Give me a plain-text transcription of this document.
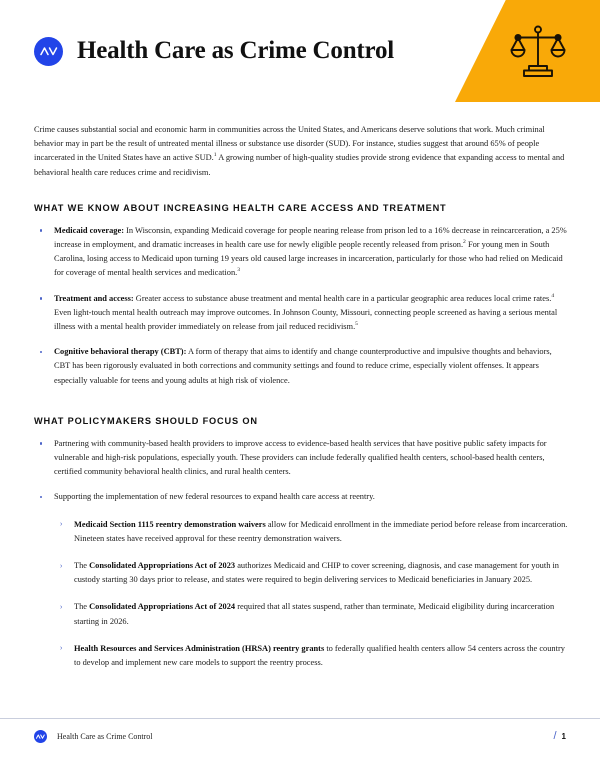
Health Care as Crime Control

Crime causes substantial social and economic harm in communities across the United States, and Americans deserve solutions that work. Much criminal behavior may in part be the result of untreated mental illness or substance use disorder (SUD). For instance, studies suggest that around 65% of people incarcerated in the United States have an active SUD.$^1$ A growing number of high-quality studies provide strong evidence that expanding access to mental and behavioral health care reduces crime and recidivism.

WHAT WE KNOW ABOUT INCREASING HEALTH CARE ACCESS AND TREATMENT
Medicaid coverage: In Wisconsin, expanding Medicaid coverage for people nearing release from prison led to a 16% decrease in reincarceration, a 25% increase in employment, and dramatic increases in health care use for newly eligible people recently released from prison.$^2$ For young men in South Carolina, losing access to Medicaid upon turning 19 years old caused large increases in incarceration, particularly for those who had relied on Medicaid for coverage of mental health services and medication.$^3$
Treatment and access: Greater access to substance abuse treatment and mental health care in a particular geographic area reduces local crime rates.$^4$ Even light-touch mental health outreach may improve outcomes. In Johnson County, Missouri, connecting people screened as having a serious mental illness with a mental health provider immediately on release from jail reduced recidivism.$^5$
Cognitive behavioral therapy (CBT): A form of therapy that aims to identify and change counterproductive and impulsive thoughts and behaviors, CBT has been rigorously evaluated in both corrections and community settings and found to reduce crime, especially violent offenses. It appears especially valuable for teens and young adults at high risk of violence.
WHAT POLICYMAKERS SHOULD FOCUS ON
Partnering with community-based health providers to improve access to evidence-based health services that have positive public safety impacts for vulnerable and high-risk populations, especially youth. These providers can include federally qualified health centers, school-based health centers, certified community behavioral health clinics, and rural health centers.
Supporting the implementation of new federal resources to expand health care access at reentry.
› Medicaid Section 1115 reentry demonstration waivers allow for Medicaid enrollment in the immediate period before release from incarceration. Nineteen states have received approval for these reentry demonstration waivers.
› The Consolidated Appropriations Act of 2023 authorizes Medicaid and CHIP to cover screening, diagnosis, and case management for youth in custody starting 30 days prior to release, and states were required to begin delivering services to Medicaid beneficiaries in January 2025.
› The Consolidated Appropriations Act of 2024 required that all states suspend, rather than terminate, Medicaid eligibility during incarceration starting in 2026.
› Health Resources and Services Administration (HRSA) reentry grants to federally qualified health centers allow 54 centers across the country to develop and implement new care models to support the reentry process.
Health Care as Crime Control	/ 1
